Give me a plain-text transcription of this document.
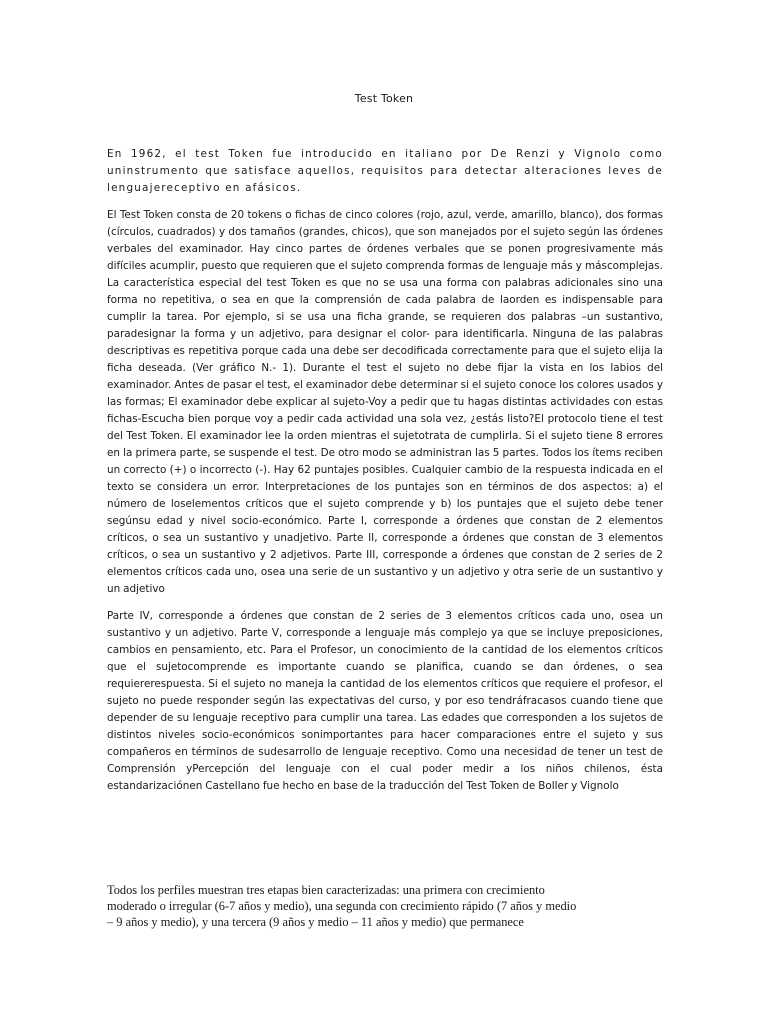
Test Token

En 1962, el test Token fue introducido en italiano por De Renzi y Vignolo como uninstrumento que satisface aquellos, requisitos para detectar alteraciones leves de lenguajereceptivo en afásicos.

El Test Token consta de 20 tokens o fichas de cinco colores (rojo, azul, verde, amarillo, blanco), dos formas (círculos, cuadrados) y dos tamaños (grandes, chicos), que son manejados por el sujeto según las órdenes verbales del examinador. Hay cinco partes de órdenes verbales que se ponen progresivamente más difíciles acumplir, puesto que requieren que el sujeto comprenda formas de lenguaje más y máscomplejas. La característica especial del test Token es que no se usa una forma con palabras adicionales sino una forma no repetitiva, o sea en que la comprensión de cada palabra de laorden es indispensable para cumplir la tarea. Por ejemplo, si se usa una ficha grande, se requieren dos palabras –un sustantivo, paradesignar la forma y un adjetivo, para designar el color- para identificarla. Ninguna de las palabras descriptivas es repetitiva porque cada una debe ser decodificada correctamente para que el sujeto elija la ficha deseada. (Ver gráfico N.- 1). Durante el test el sujeto no debe fijar la vista en los labios del examinador. Antes de pasar el test, el examinador debe determinar si el sujeto conoce los colores usados y las formas; El examinador debe explicar al sujeto-Voy a pedir que tu hagas distintas actividades con estas fichas-Escucha bien porque voy a pedir cada actividad una sola vez, ¿estás listo?El protocolo tiene el test del Test Token. El examinador lee la orden mientras el sujetotrata de cumplirla. Si el sujeto tiene 8 errores en la primera parte, se suspende el test. De otro modo se administran las 5 partes. Todos los ítems reciben un correcto (+) o incorrecto (-). Hay 62 puntajes posibles. Cualquier cambio de la respuesta indicada en el texto se considera un error. Interpretaciones de los puntajes son en términos de dos aspectos: a) el número de loselementos críticos que el sujeto comprende y b) los puntajes que el sujeto debe tener segúnsu edad y nivel socio-económico. Parte I, corresponde a órdenes que constan de 2 elementos críticos, o sea un sustantivo y unadjetivo. Parte II, corresponde a órdenes que constan de 3 elementos críticos, o sea un sustantivo y 2 adjetivos. Parte III, corresponde a órdenes que constan de 2 series de 2 elementos críticos cada uno, osea una serie de un sustantivo y un adjetivo y otra serie de un sustantivo y un adjetivo

Parte IV, corresponde a órdenes que constan de 2 series de 3 elementos críticos cada uno, osea un sustantivo y un adjetivo. Parte V, corresponde a lenguaje más complejo ya que se incluye preposiciones, cambios en pensamiento, etc. Para el Profesor, un conocimiento de la cantidad de los elementos críticos que el sujetocomprende es importante cuando se planifica, cuando se dan órdenes, o sea requiererespuesta. Si el sujeto no maneja la cantidad de los elementos críticos que requiere el profesor, el sujeto no puede responder según las expectativas del curso, y por eso tendráfracasos cuando tiene que depender de su lenguaje receptivo para cumplir una tarea. Las edades que corresponden a los sujetos de distintos niveles socio-económicos sonimportantes para hacer comparaciones entre el sujeto y sus compañeros en términos de sudesarrollo de lenguaje receptivo. Como una necesidad de tener un test de Comprensión yPercepción del lenguaje con el cual poder medir a los niños chilenos, ésta estandarizaciónen Castellano fue hecho en base de la traducción del Test Token de Boller y Vignolo

Todos los perfiles muestran tres etapas bien caracterizadas: una primera con crecimiento moderado o irregular (6-7 años y medio), una segunda con crecimiento rápido (7 años y medio – 9 años y medio), y una tercera (9 años y medio – 11 años y medio) que permanece
